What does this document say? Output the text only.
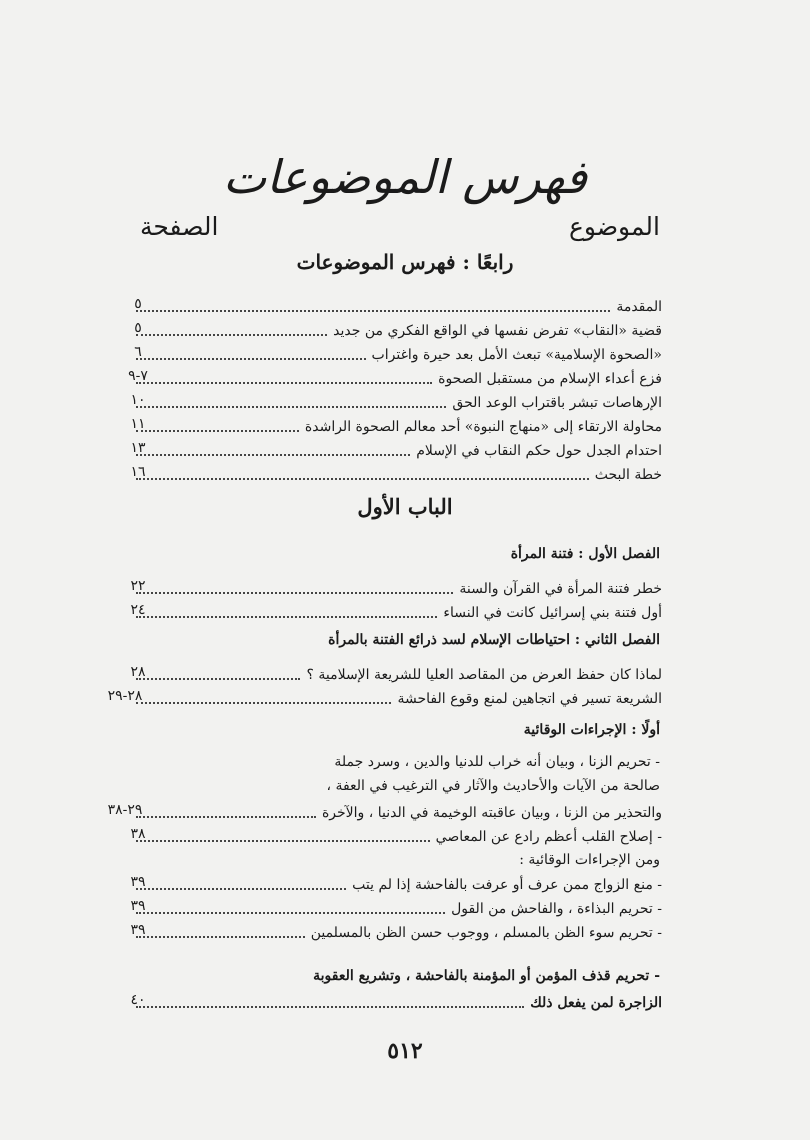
فهرس الموضوعات
الموضوع
الصفحة
رابعًا : فهرس الموضوعات
المقدمة
٥
قضية «النقاب» تفرض نفسها في الواقع الفكري من جديد
٥
«الصحوة الإسلامية» تبعث الأمل بعد حيرة واغتراب
٦
فزع أعداء الإسلام من مستقبل الصحوة
٧-٩
الإرهاصات تبشر باقتراب الوعد الحق
١٠
محاولة الارتقاء إلى «منهاج النبوة» أحد معالم الصحوة الراشدة
١١
احتدام الجدل حول حكم النقاب في الإسلام
١٣
خطة البحث
١٦
الباب الأول
الفصل الأول : فتنة المرأة
خطر فتنة المرأة في القرآن والسنة
٢٢
أول فتنة بني إسرائيل كانت في النساء
٢٤
الفصل الثاني : احتياطات الإسلام لسد ذرائع الفتنة بالمرأة
لماذا كان حفظ العرض من المقاصد العليا للشريعة الإسلامية ؟
٢٨
الشريعة تسير في اتجاهين لمنع وقوع الفاحشة
٢٨-٢٩
أولًا : الإجراءات الوقائية
- تحريم الزنا ، وبيان أنه خراب للدنيا والدين ، وسرد جملة
صالحة من الآيات والأحاديث والآثار في الترغيب في العفة ،
والتحذير من الزنا ، وبيان عاقبته الوخيمة في الدنيا ، والآخرة
٢٩-٣٨
- إصلاح القلب أعظم رادع عن المعاصي
٣٨
ومن الإجراءات الوقائية :
- منع الزواج ممن عرف أو عرفت بالفاحشة إذا لم يتب
٣٩
- تحريم البذاءة ، والفاحش من القول
٣٩
- تحريم سوء الظن بالمسلم ، ووجوب حسن الظن بالمسلمين
٣٩
- تحريم قذف المؤمن أو المؤمنة بالفاحشة ، وتشريع العقوبة
الزاجرة لمن يفعل ذلك
٤٠
٥١٢
